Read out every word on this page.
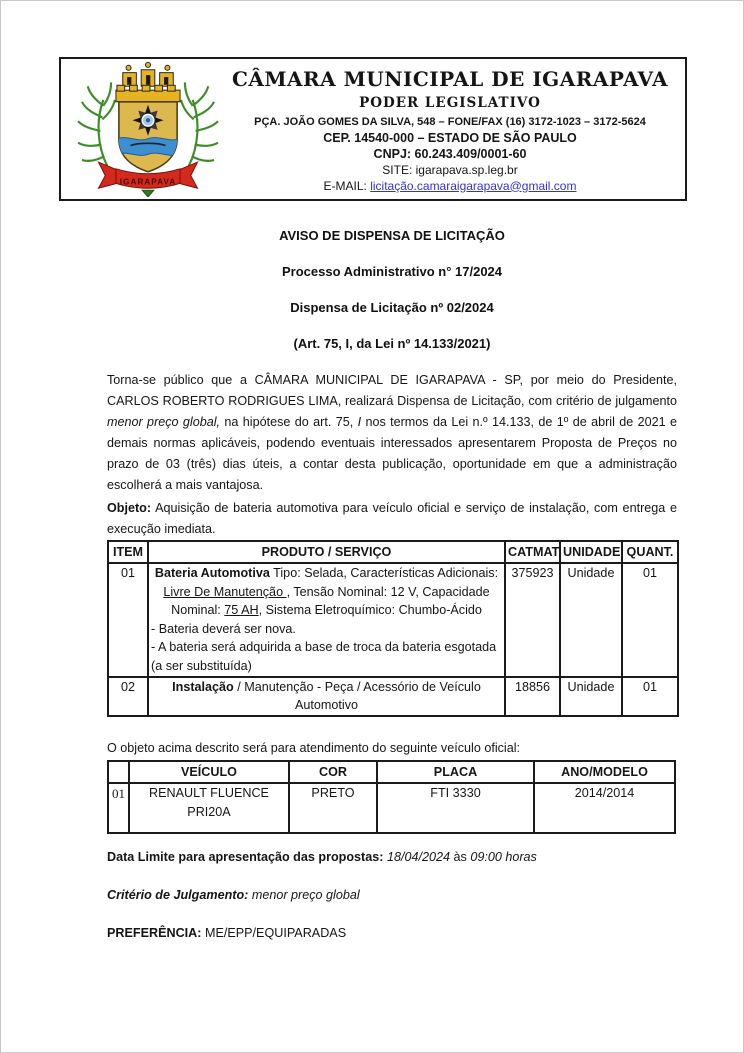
IGARAPAVA
CÂMARA MUNICIPAL DE IGARAPAVA
PODER LEGISLATIVO
PÇA. JOÃO GOMES DA SILVA, 548 – FONE/FAX (16) 3172-1023 – 3172-5624
CEP. 14540-000 – ESTADO DE SÃO PAULO
CNPJ: 60.243.409/0001-60
SITE: igarapava.sp.leg.br
E-MAIL: licitação.camaraigarapava@gmail.com
AVISO DE DISPENSA DE LICITAÇÃO
Processo Administrativo n° 17/2024
Dispensa de Licitação nº 02/2024
(Art. 75, I, da Lei nº 14.133/2021)

Torna-se público que a CÂMARA MUNICIPAL DE IGARAPAVA - SP, por meio do Presidente, CARLOS ROBERTO RODRIGUES LIMA, realizará Dispensa de Licitação, com critério de julgamento menor preço global, na hipótese do art. 75, I nos termos da Lei n.º 14.133, de 1º de abril de 2021 e demais normas aplicáveis, podendo eventuais interessados apresentarem Proposta de Preços no prazo de 03 (três) dias úteis, a contar desta publicação, oportunidade em que a administração escolherá a mais vantajosa.

Objeto: Aquisição de bateria automotiva para veículo oficial e serviço de instalação, com entrega e execução imediata.

ITEM	PRODUTO / SERVIÇO	CATMAT	UNIDADE	QUANT.
01	Bateria Automotiva Tipo: Selada, Características Adicionais: Livre De Manutenção , Tensão Nominal: 12 V, Capacidade Nominal: 75 AH, Sistema Eletroquímico: Chumbo-Ácido
- Bateria deverá ser nova.
- A bateria será adquirida a base de troca da bateria esgotada (a ser substituída)	375923	Unidade	01
02	Instalação / Manutenção - Peça / Acessório de Veículo Automotivo	18856	Unidade	01

O objeto acima descrito será para atendimento do seguinte veículo oficial:

	VEÍCULO	COR	PLACA	ANO/MODELO
01	RENAULT FLUENCE PRI20A	PRETO	FTI 3330	2014/2014

Data Limite para apresentação das propostas: 18/04/2024 às 09:00 horas

Critério de Julgamento: menor preço global

PREFERÊNCIA: ME/EPP/EQUIPARADAS
